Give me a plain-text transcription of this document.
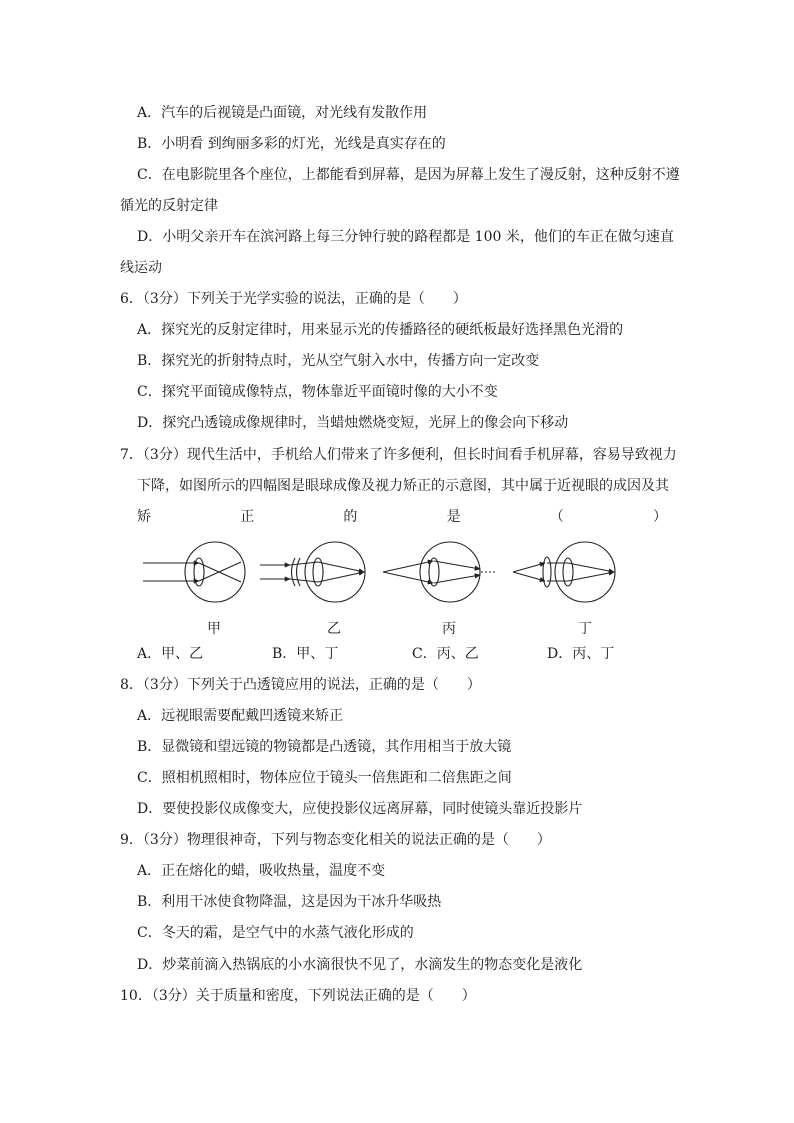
A．汽车的后视镜是凸面镜，对光线有发散作用
B．小明看 到绚丽多彩的灯光，光线是真实存在的
C．在电影院里各个座位，上都能看到屏幕，是因为屏幕上发生了漫反射，这种反射不遵
循光的反射定律
D．小明父亲开车在滨河路上每三分钟行驶的路程都是 100 米，他们的车正在做匀速直
线运动
6．（3分）下列关于光学实验的说法，正确的是（　　）
A．探究光的反射定律时，用来显示光的传播路径的硬纸板最好选择黑色光滑的
B．探究光的折射特点时，光从空气射入水中，传播方向一定改变
C．探究平面镜成像特点，物体靠近平面镜时像的大小不变
D．探究凸透镜成像规律时，当蜡烛燃烧变短，光屏上的像会向下移动
7．（3分）现代生活中，手机给人们带来了许多便利，但长时间看手机屏幕，容易导致视力
下降，如图所示的四幅图是眼球成像及视力矫正的示意图，其中属于近视眼的成因及其
矫	正	的	是	（	）
甲	乙	丙	丁
A．甲、乙	B．甲、丁	C．丙、乙	D．丙、丁
8．（3分）下列关于凸透镜应用的说法，正确的是（　　）
A．远视眼需要配戴凹透镜来矫正
B．显微镜和望远镜的物镜都是凸透镜，其作用相当于放大镜
C．照相机照相时，物体应位于镜头一倍焦距和二倍焦距之间
D．要使投影仪成像变大，应使投影仪远离屏幕，同时使镜头靠近投影片
9．（3分）物理很神奇，下列与物态变化相关的说法正确的是（　　）
A．正在熔化的蜡，吸收热量，温度不变
B．利用干冰使食物降温，这是因为干冰升华吸热
C．冬天的霜，是空气中的水蒸气液化形成的
D．炒菜前滴入热锅底的小水滴很快不见了，水滴发生的物态变化是液化
10．（3分）关于质量和密度，下列说法正确的是（　　）
